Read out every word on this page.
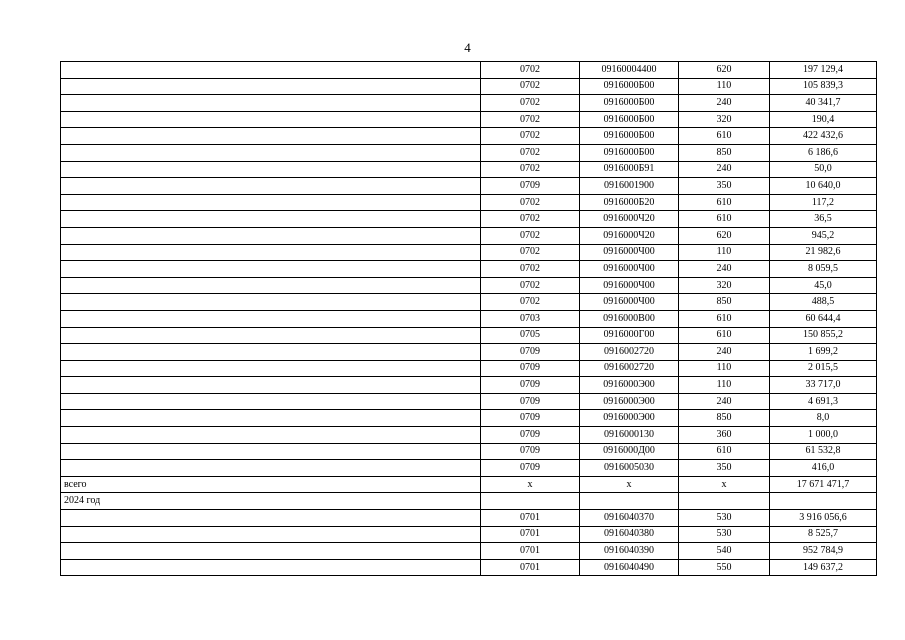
4
	0702	09160004400	620	197 129,4
	0702	0916000Б00	110	105 839,3
	0702	0916000Б00	240	40 341,7
	0702	0916000Б00	320	190,4
	0702	0916000Б00	610	422 432,6
	0702	0916000Б00	850	6 186,6
	0702	0916000Б91	240	50,0
	0709	0916001900	350	10 640,0
	0702	0916000Б20	610	117,2
	0702	0916000Ч20	610	36,5
	0702	0916000Ч20	620	945,2
	0702	0916000Ч00	110	21 982,6
	0702	0916000Ч00	240	8 059,5
	0702	0916000Ч00	320	45,0
	0702	0916000Ч00	850	488,5
	0703	0916000В00	610	60 644,4
	0705	0916000Г00	610	150 855,2
	0709	0916002720	240	1 699,2
	0709	0916002720	110	2 015,5
	0709	0916000Э00	110	33 717,0
	0709	0916000Э00	240	4 691,3
	0709	0916000Э00	850	8,0
	0709	0916000130	360	1 000,0
	0709	0916000Д00	610	61 532,8
	0709	0916005030	350	416,0
всего	х	х	х	17 671 471,7
2024 год				
	0701	0916040370	530	3 916 056,6
	0701	0916040380	530	8 525,7
	0701	0916040390	540	952 784,9
	0701	0916040490	550	149 637,2
